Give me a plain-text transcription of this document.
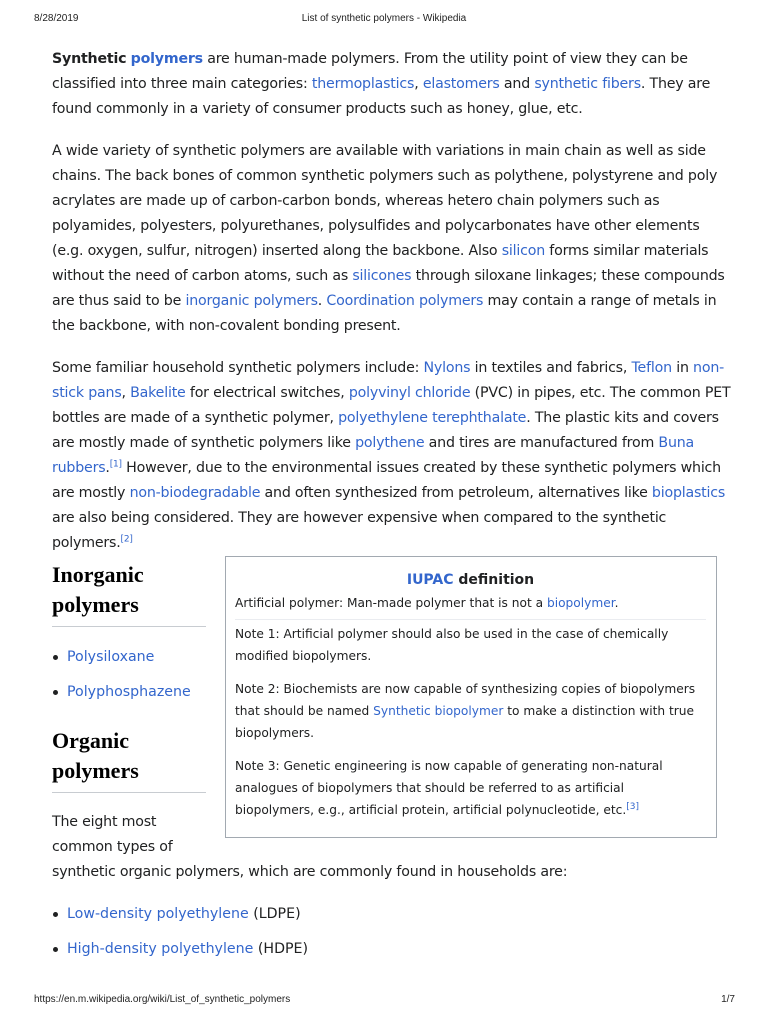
8/28/2019	List of synthetic polymers - Wikipedia

Synthetic polymers are human-made polymers. From the utility point of view they can be classified into three main categories: thermoplastics, elastomers and synthetic fibers. They are found commonly in a variety of consumer products such as honey, glue, etc.

A wide variety of synthetic polymers are available with variations in main chain as well as side chains. The back bones of common synthetic polymers such as polythene, polystyrene and poly acrylates are made up of carbon-carbon bonds, whereas hetero chain polymers such as polyamides, polyesters, polyurethanes, polysulfides and polycarbonates have other elements (e.g. oxygen, sulfur, nitrogen) inserted along the backbone. Also silicon forms similar materials without the need of carbon atoms, such as silicones through siloxane linkages; these compounds are thus said to be inorganic polymers. Coordination polymers may contain a range of metals in the backbone, with non-covalent bonding present.

Some familiar household synthetic polymers include: Nylons in textiles and fabrics, Teflon in non-stick pans, Bakelite for electrical switches, polyvinyl chloride (PVC) in pipes, etc. The common PET bottles are made of a synthetic polymer, polyethylene terephthalate. The plastic kits and covers are mostly made of synthetic polymers like polythene and tires are manufactured from Buna rubbers.[1] However, due to the environmental issues created by these synthetic polymers which are mostly non-biodegradable and often synthesized from petroleum, alternatives like bioplastics are also being considered. They are however expensive when compared to the synthetic polymers.[2]

Inorganic polymers
Polysiloxane
Polyphosphazene
Organic polymers
The eight most common types of
synthetic organic polymers, which are commonly found in households are:
Low-density polyethylene (LDPE)
High-density polyethylene (HDPE)
IUPAC definition
Artificial polymer: Man-made polymer that is not a biopolymer.
Note 1: Artificial polymer should also be used in the case of chemically modified biopolymers.
Note 2: Biochemists are now capable of synthesizing copies of biopolymers that should be named Synthetic biopolymer to make a distinction with true biopolymers.
Note 3: Genetic engineering is now capable of generating non-natural analogues of biopolymers that should be referred to as artificial biopolymers, e.g., artificial protein, artificial polynucleotide, etc.[3]
https://en.m.wikipedia.org/wiki/List_of_synthetic_polymers	1/7
